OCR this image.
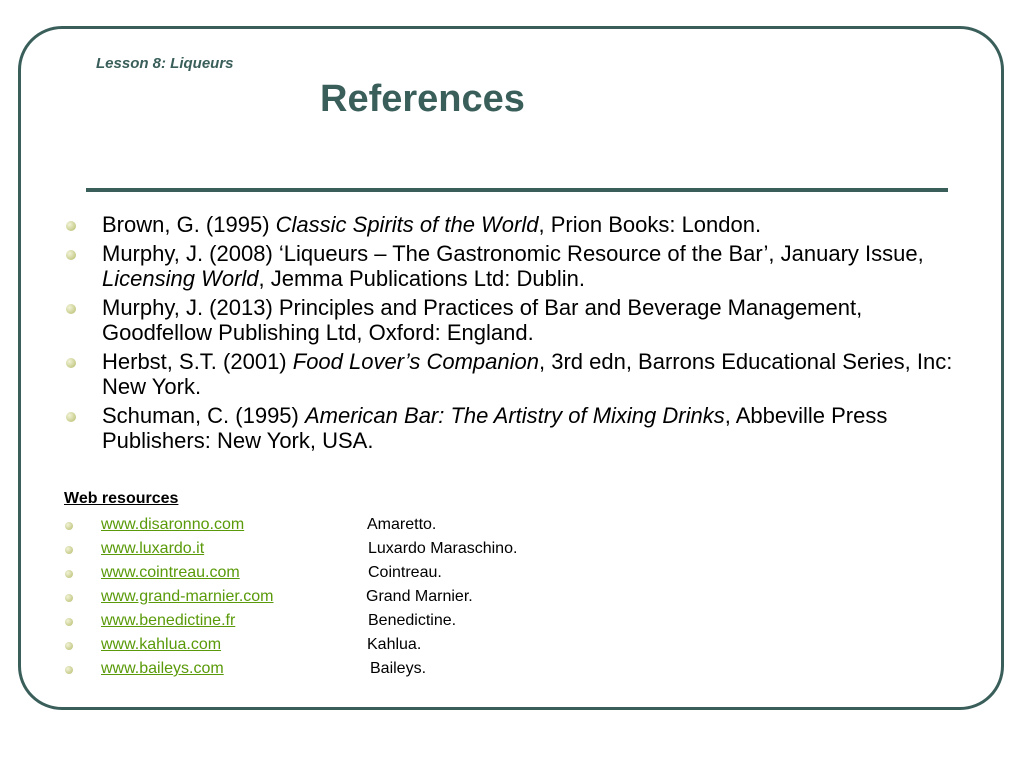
Lesson 8: Liqueurs
References
Brown, G. (1995) Classic Spirits of the World, Prion Books: London.
Murphy, J. (2008) ‘Liqueurs – The Gastronomic Resource of the Bar’, January Issue, Licensing World, Jemma Publications Ltd: Dublin.
Murphy, J. (2013) Principles and Practices of Bar and Beverage Management, Goodfellow Publishing Ltd, Oxford: England.
Herbst, S.T. (2001) Food Lover’s Companion, 3rd edn, Barrons Educational Series, Inc: New York.
Schuman, C. (1995) American Bar: The Artistry of Mixing Drinks, Abbeville Press Publishers: New York, USA.
Web resources
www.disaronno.com	Amaretto.
www.luxardo.it	Luxardo Maraschino.
www.cointreau.com	Cointreau.
www.grand-marnier.com	Grand Marnier.
www.benedictine.fr	Benedictine.
www.kahlua.com	Kahlua.
www.baileys.com	Baileys.
